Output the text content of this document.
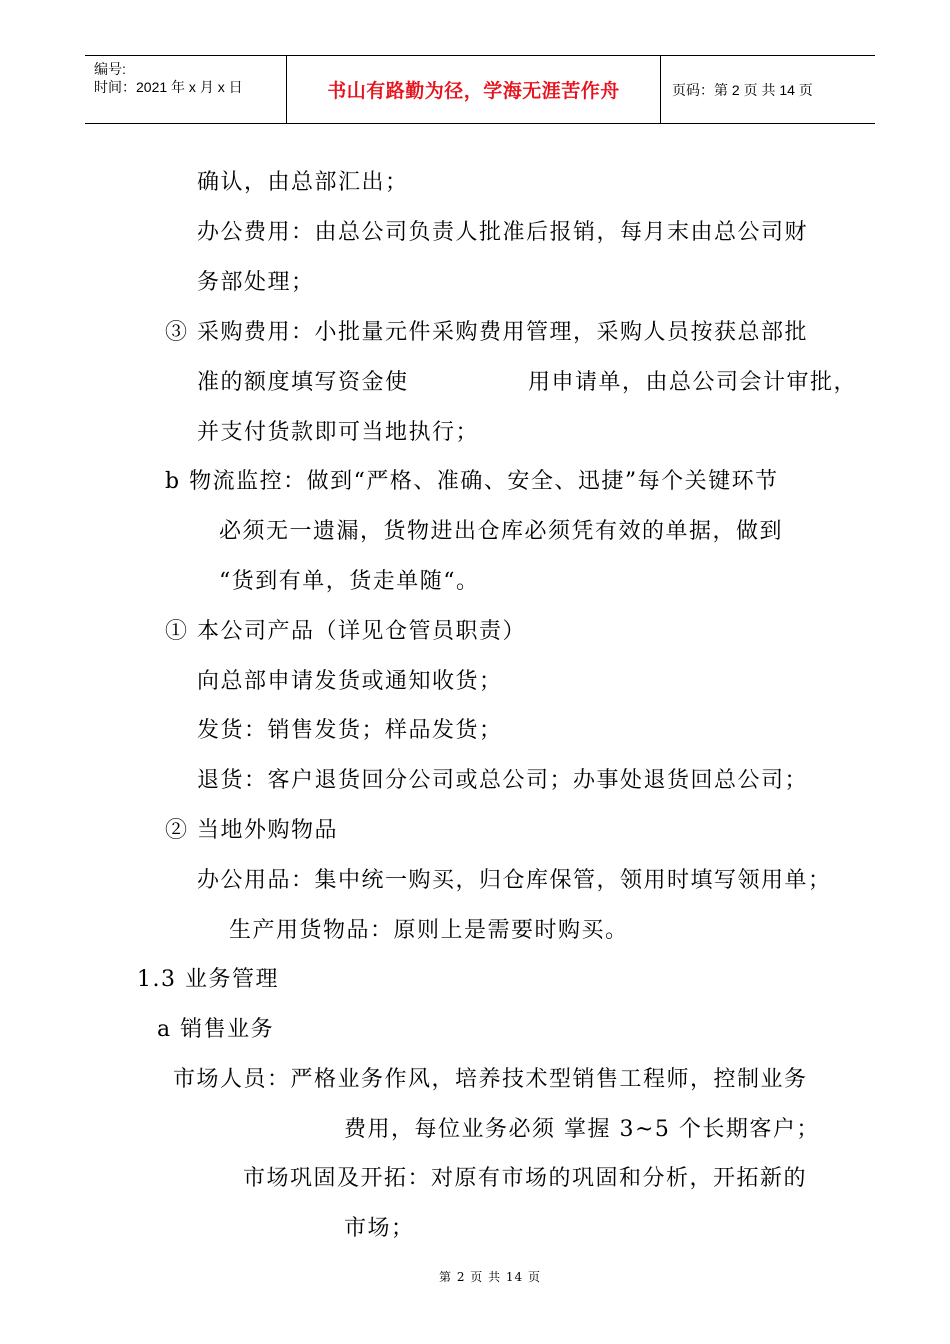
编号:
时间：2021 年 x 月 x 日	书山有路勤为径，学海无涯苦作舟	页码：第 2 页 共 14 页
确认，由总部汇出；
办公费用：由总公司负责人批准后报销，每月末由总公司财
务部处理；
③ 采购费用：小批量元件采购费用管理，采购人员按获总部批
准的额度填写资金使	用申请单，由总公司会计审批，
并支付货款即可当地执行；
b 物流监控：做到“严格、准确、安全、迅捷”每个关键环节
必须无一遗漏，货物进出仓库必须凭有效的单据，做到
“货到有单，货走单随“。
① 本公司产品（详见仓管员职责）
向总部申请发货或通知收货；
发货：销售发货；样品发货；
退货：客户退货回分公司或总公司；办事处退货回总公司；
② 当地外购物品
办公用品：集中统一购买，归仓库保管，领用时填写领用单；
生产用货物品：原则上是需要时购买。
1.3 业务管理
a 销售业务
市场人员：严格业务作风，培养技术型销售工程师，控制业务
费用，每位业务必须 掌握 3~5 个长期客户；
市场巩固及开拓：对原有市场的巩固和分析，开拓新的
市场；
第 2 页 共 14 页
